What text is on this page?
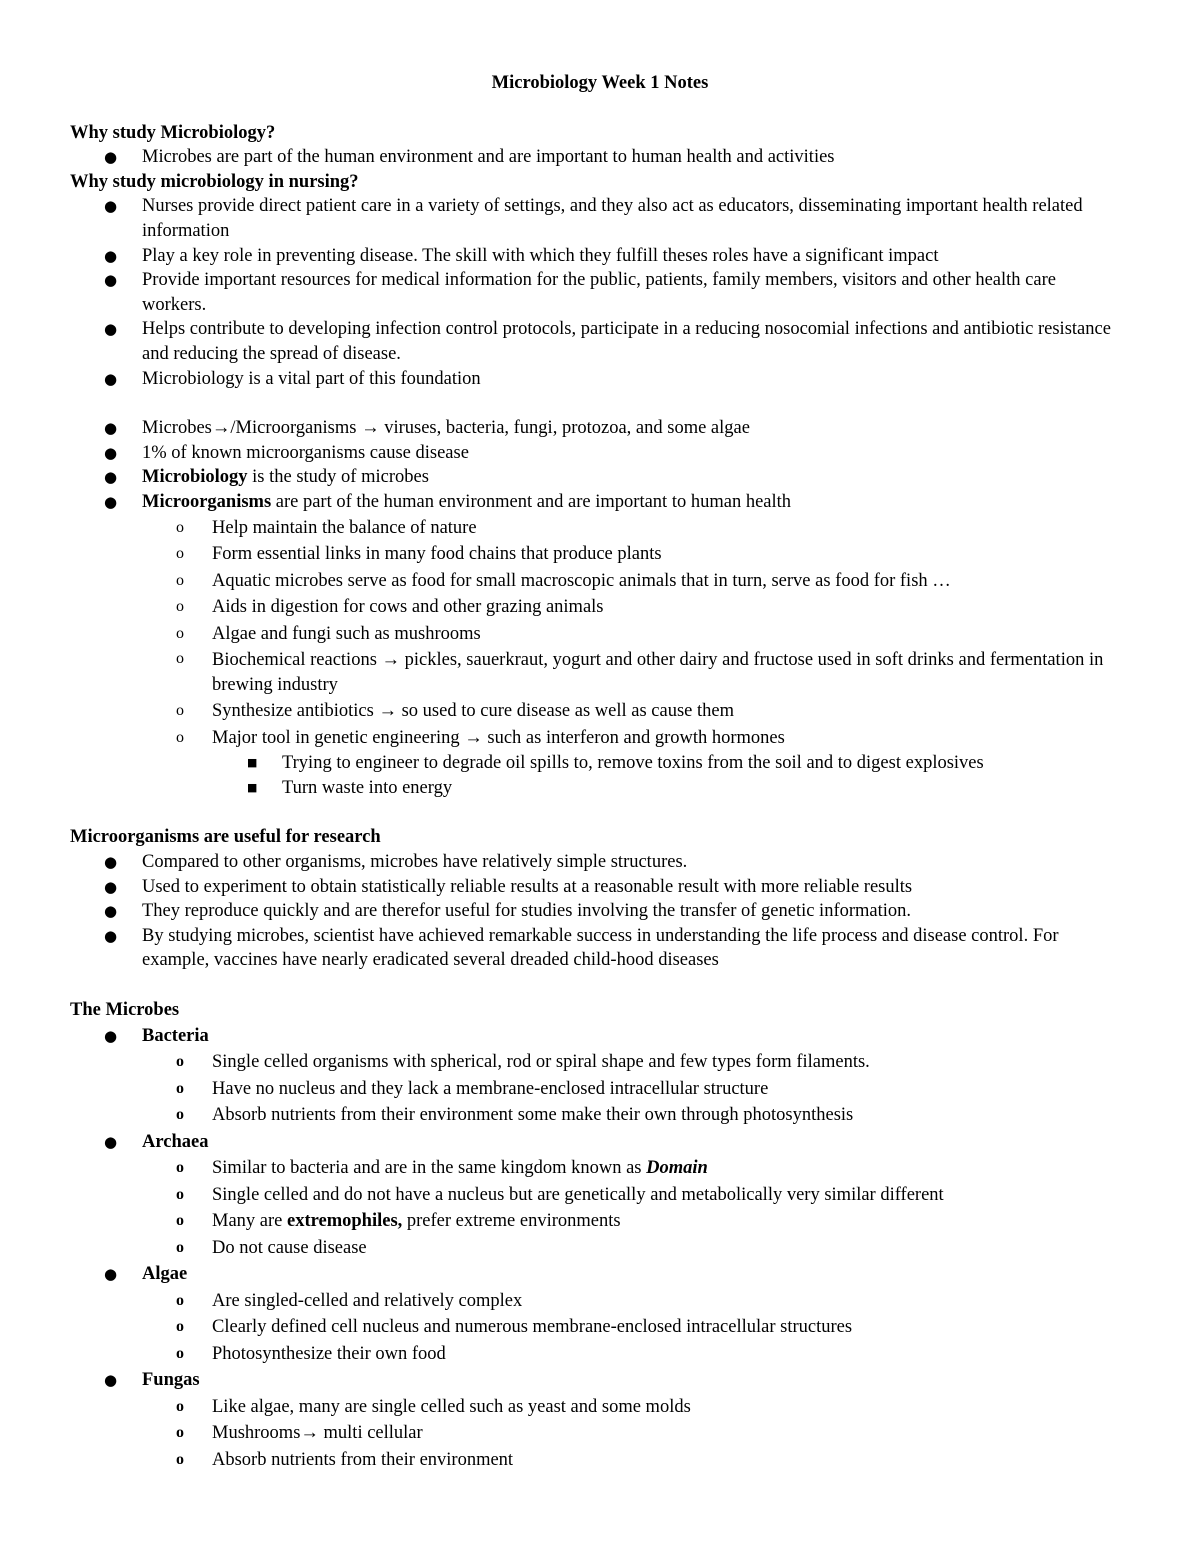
Microbiology Week 1 Notes
Why study Microbiology?
● Microbes are part of the human environment and are important to human health and activities
Why study microbiology in nursing?
● Nurses provide direct patient care in a variety of settings, and they also act as educators, disseminating important health related information
● Play a key role in preventing disease. The skill with which they fulfill theses roles have a significant impact
● Provide important resources for medical information for the public, patients, family members, visitors and other health care workers.
● Helps contribute to developing infection control protocols, participate in a reducing nosocomial infections and antibiotic resistance and reducing the spread of disease.
● Microbiology is a vital part of this foundation
● Microbes→/Microorganisms → viruses, bacteria, fungi, protozoa, and some algae
● 1% of known microorganisms cause disease
● Microbiology is the study of microbes
● Microorganisms are part of the human environment and are important to human health
o Help maintain the balance of nature
o Form essential links in many food chains that produce plants
o Aquatic microbes serve as food for small macroscopic animals that in turn, serve as food for fish …
o Aids in digestion for cows and other grazing animals
o Algae and fungi such as mushrooms
o Biochemical reactions → pickles, sauerkraut, yogurt and other dairy and fructose used in soft drinks and fermentation in brewing industry
o Synthesize antibiotics → so used to cure disease as well as cause them
o Major tool in genetic engineering → such as interferon and growth hormones
■ Trying to engineer to degrade oil spills to, remove toxins from the soil and to digest explosives
■ Turn waste into energy
Microorganisms are useful for research
● Compared to other organisms, microbes have relatively simple structures.
● Used to experiment to obtain statistically reliable results at a reasonable result with more reliable results
● They reproduce quickly and are therefor useful for studies involving the transfer of genetic information.
● By studying microbes, scientist have achieved remarkable success in understanding the life process and disease control. For example, vaccines have nearly eradicated several dreaded child-hood diseases
The Microbes
● Bacteria
o Single celled organisms with spherical, rod or spiral shape and few types form filaments.
o Have no nucleus and they lack a membrane-enclosed intracellular structure
o Absorb nutrients from their environment some make their own through photosynthesis
● Archaea
o Similar to bacteria and are in the same kingdom known as Domain
o Single celled and do not have a nucleus but are genetically and metabolically very similar different
o Many are extremophiles, prefer extreme environments
o Do not cause disease
● Algae
o Are singled-celled and relatively complex
o Clearly defined cell nucleus and numerous membrane-enclosed intracellular structures
o Photosynthesize their own food
● Fungas
o Like algae, many are single celled such as yeast and some molds
o Mushrooms→ multi cellular
o Absorb nutrients from their environment
